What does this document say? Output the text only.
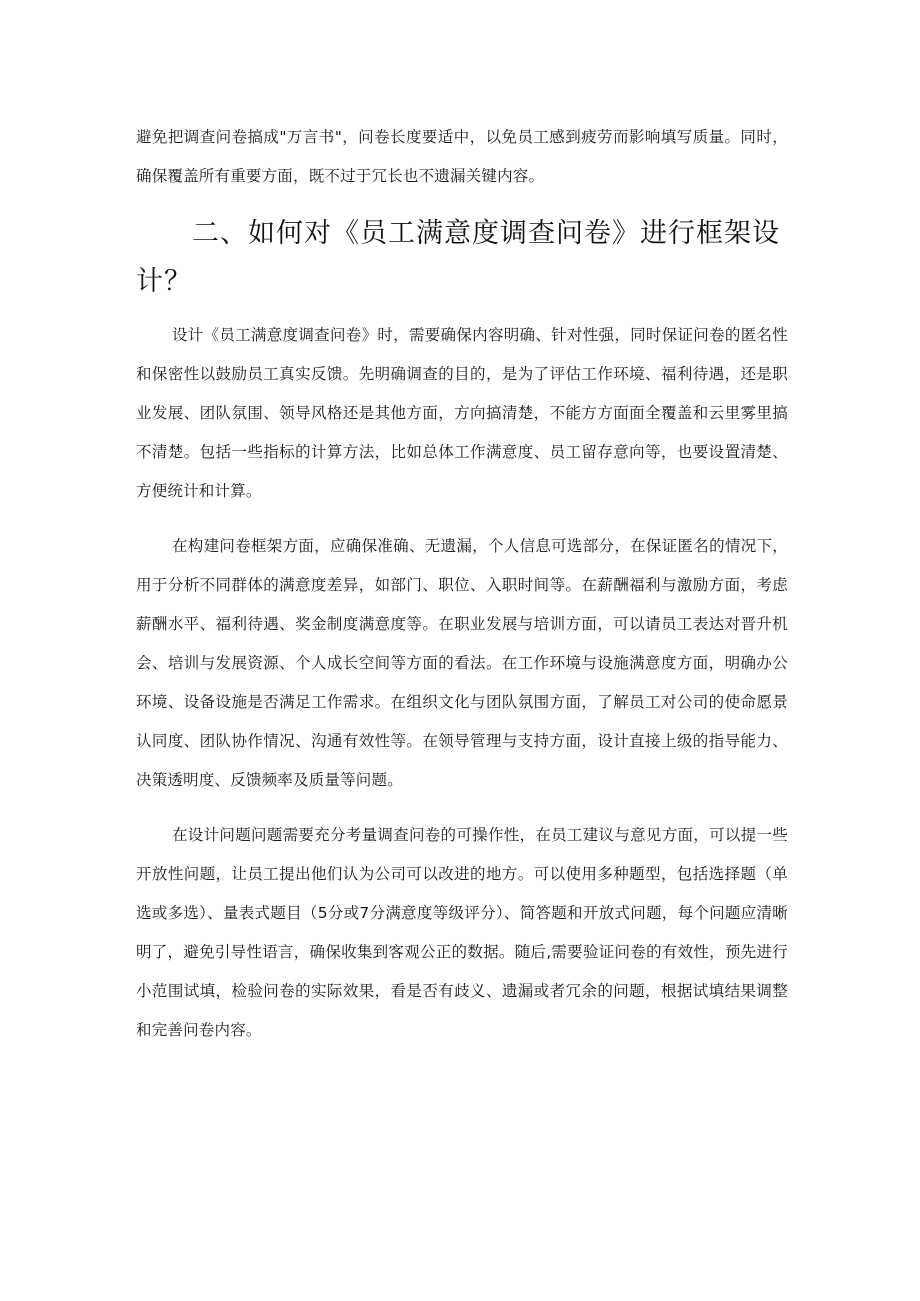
避免把调查问卷搞成"万言书"，问卷长度要适中，以免员工感到疲劳而影响填写质量。同时，确保覆盖所有重要方面，既不过于冗长也不遗漏关键内容。

二、如何对《员工满意度调查问卷》进行框架设计？

设计《员工满意度调查问卷》时，需要确保内容明确、针对性强，同时保证问卷的匿名性和保密性以鼓励员工真实反馈。先明确调查的目的，是为了评估工作环境、福利待遇，还是职业发展、团队氛围、领导风格还是其他方面，方向搞清楚，不能方方面面全覆盖和云里雾里搞不清楚。包括一些指标的计算方法，比如总体工作满意度、员工留存意向等，也要设置清楚、方便统计和计算。

在构建问卷框架方面，应确保准确、无遗漏，个人信息可选部分，在保证匿名的情况下，用于分析不同群体的满意度差异，如部门、职位、入职时间等。在薪酬福利与激励方面，考虑薪酬水平、福利待遇、奖金制度满意度等。在职业发展与培训方面，可以请员工表达对晋升机会、培训与发展资源、个人成长空间等方面的看法。在工作环境与设施满意度方面，明确办公环境、设备设施是否满足工作需求。在组织文化与团队氛围方面，了解员工对公司的使命愿景认同度、团队协作情况、沟通有效性等。在领导管理与支持方面，设计直接上级的指导能力、决策透明度、反馈频率及质量等问题。

在设计问题问题需要充分考量调查问卷的可操作性，在员工建议与意见方面，可以提一些开放性问题，让员工提出他们认为公司可以改进的地方。可以使用多种题型，包括选择题（单选或多选）、量表式题目（5分或7分满意度等级评分）、简答题和开放式问题，每个问题应清晰明了，避免引导性语言，确保收集到客观公正的数据。随后,需要验证问卷的有效性，预先进行小范围试填，检验问卷的实际效果，看是否有歧义、遗漏或者冗余的问题，根据试填结果调整和完善问卷内容。
